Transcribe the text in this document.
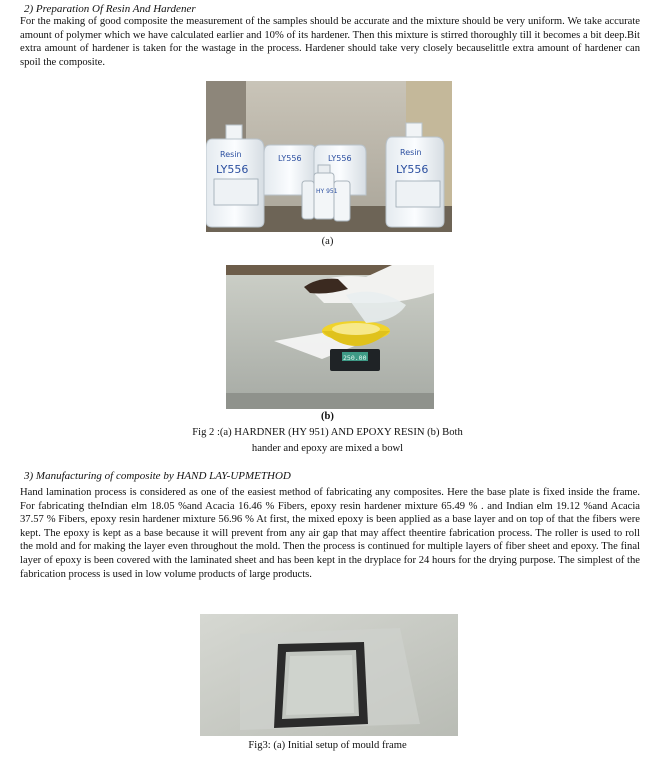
2) Preparation Of Resin And Hardener
For the making of good composite the measurement of the samples should be accurate and the mixture should be very uniform. We take accurate amount of polymer which we have calculated earlier and 10% of its hardener. Then this mixture is stirred thoroughly till it becomes a bit deep.Bit extra amount of hardener is taken for the wastage in the process. Hardener should take very closely becauselittle extra amount of hardener can spoil the composite.
Resin
LY556
LY556	LY556
HY 951
Resin
LY556
(a)
250.00
(b)
Fig 2 :(a) HARDNER (HY 951) AND EPOXY RESIN (b) Both
hander and epoxy are mixed a bowl
3) Manufacturing of composite by HAND LAY-UPMETHOD
Hand lamination process is considered as one of the easiest method of fabricating any composites. Here the base plate is fixed inside the frame. For fabricating theIndian elm 18.05 %and Acacia 16.46 % Fibers, epoxy resin hardener mixture 65.49 % . and Indian elm 19.12 %and Acacia 37.57 % Fibers, epoxy resin hardener mixture 56.96 % At first, the mixed epoxy is been applied as a base layer and on top of that the fibers were kept. The epoxy is kept as a base because it will prevent from any air gap that may affect theentire fabrication process. The roller is used to roll the mold and for making the layer even throughout the mold. Then the process is continued for multiple layers of fiber sheet and epoxy. The final layer of epoxy is been covered with the laminated sheet and has been kept in the dryplace for 24 hours for the drying purpose. The simplest of the fabrication process is used in low volume products of large products.
Fig3: (a) Initial setup of mould frame
